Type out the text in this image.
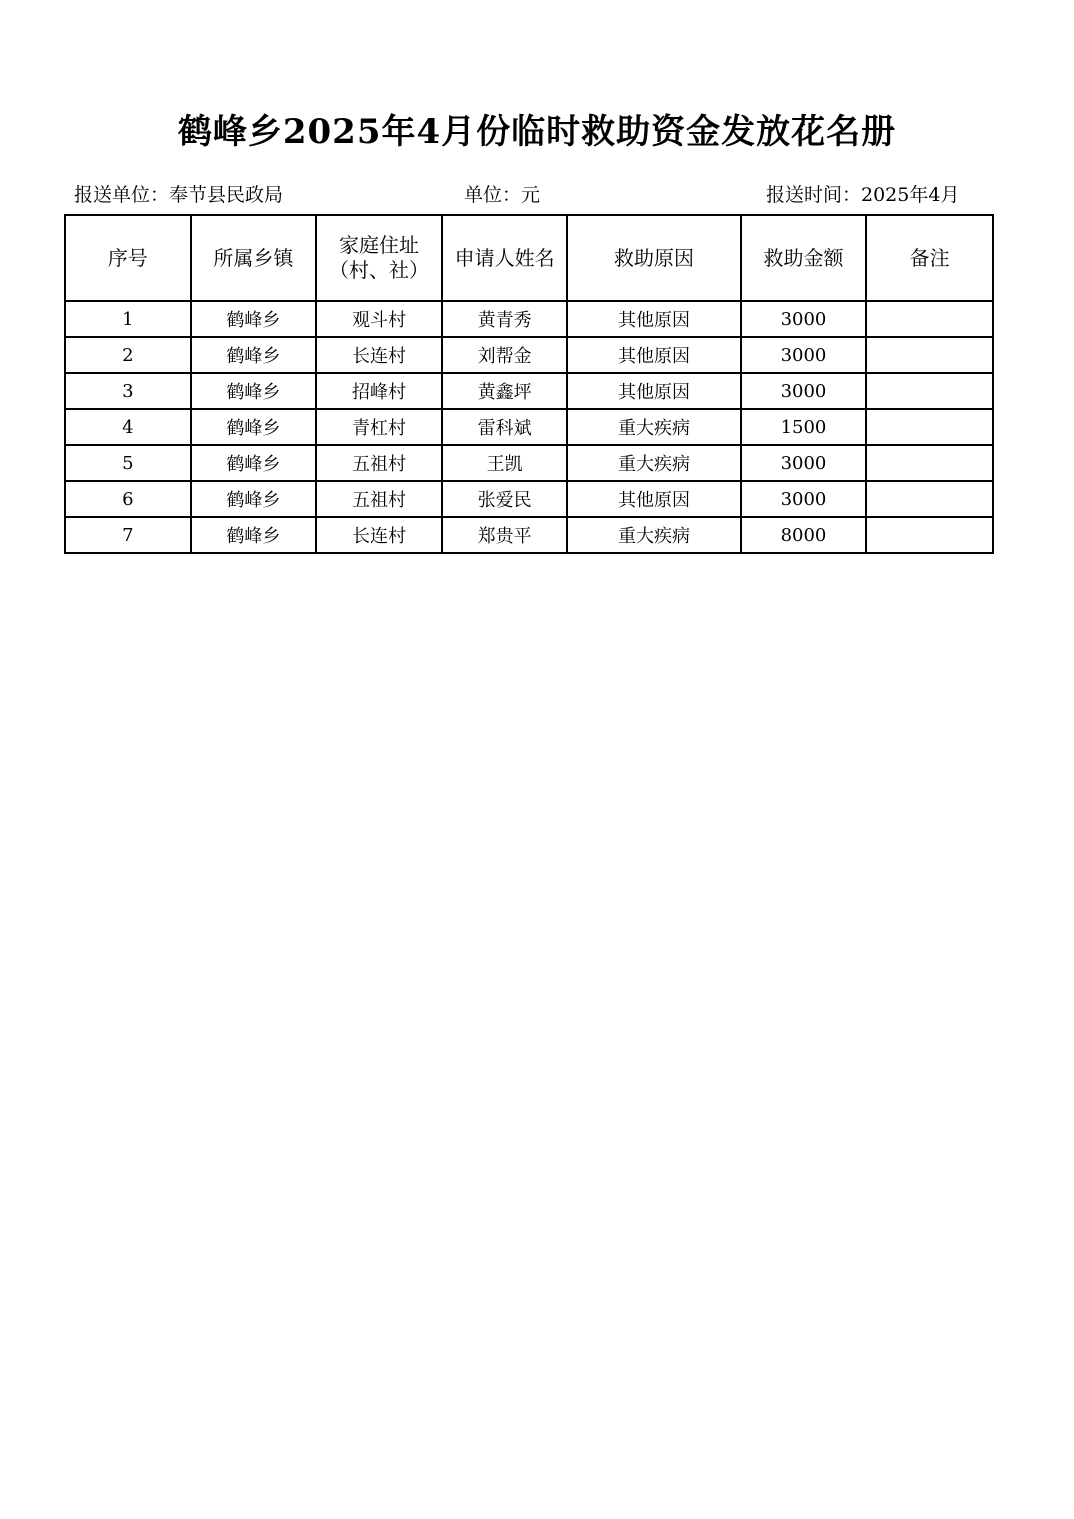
鹤峰乡2025年4月份临时救助资金发放花名册
报送单位：奉节县民政局	单位：元	报送时间：2025年4月
序号	所属乡镇	家庭住址
（村、社）	申请人姓名	救助原因	救助金额	备注
1	鹤峰乡	观斗村	黄青秀	其他原因	3000	
2	鹤峰乡	长连村	刘帮金	其他原因	3000	
3	鹤峰乡	招峰村	黄鑫坪	其他原因	3000	
4	鹤峰乡	青杠村	雷科斌	重大疾病	1500	
5	鹤峰乡	五祖村	王凯	重大疾病	3000	
6	鹤峰乡	五祖村	张爱民	其他原因	3000	
7	鹤峰乡	长连村	郑贵平	重大疾病	8000	
